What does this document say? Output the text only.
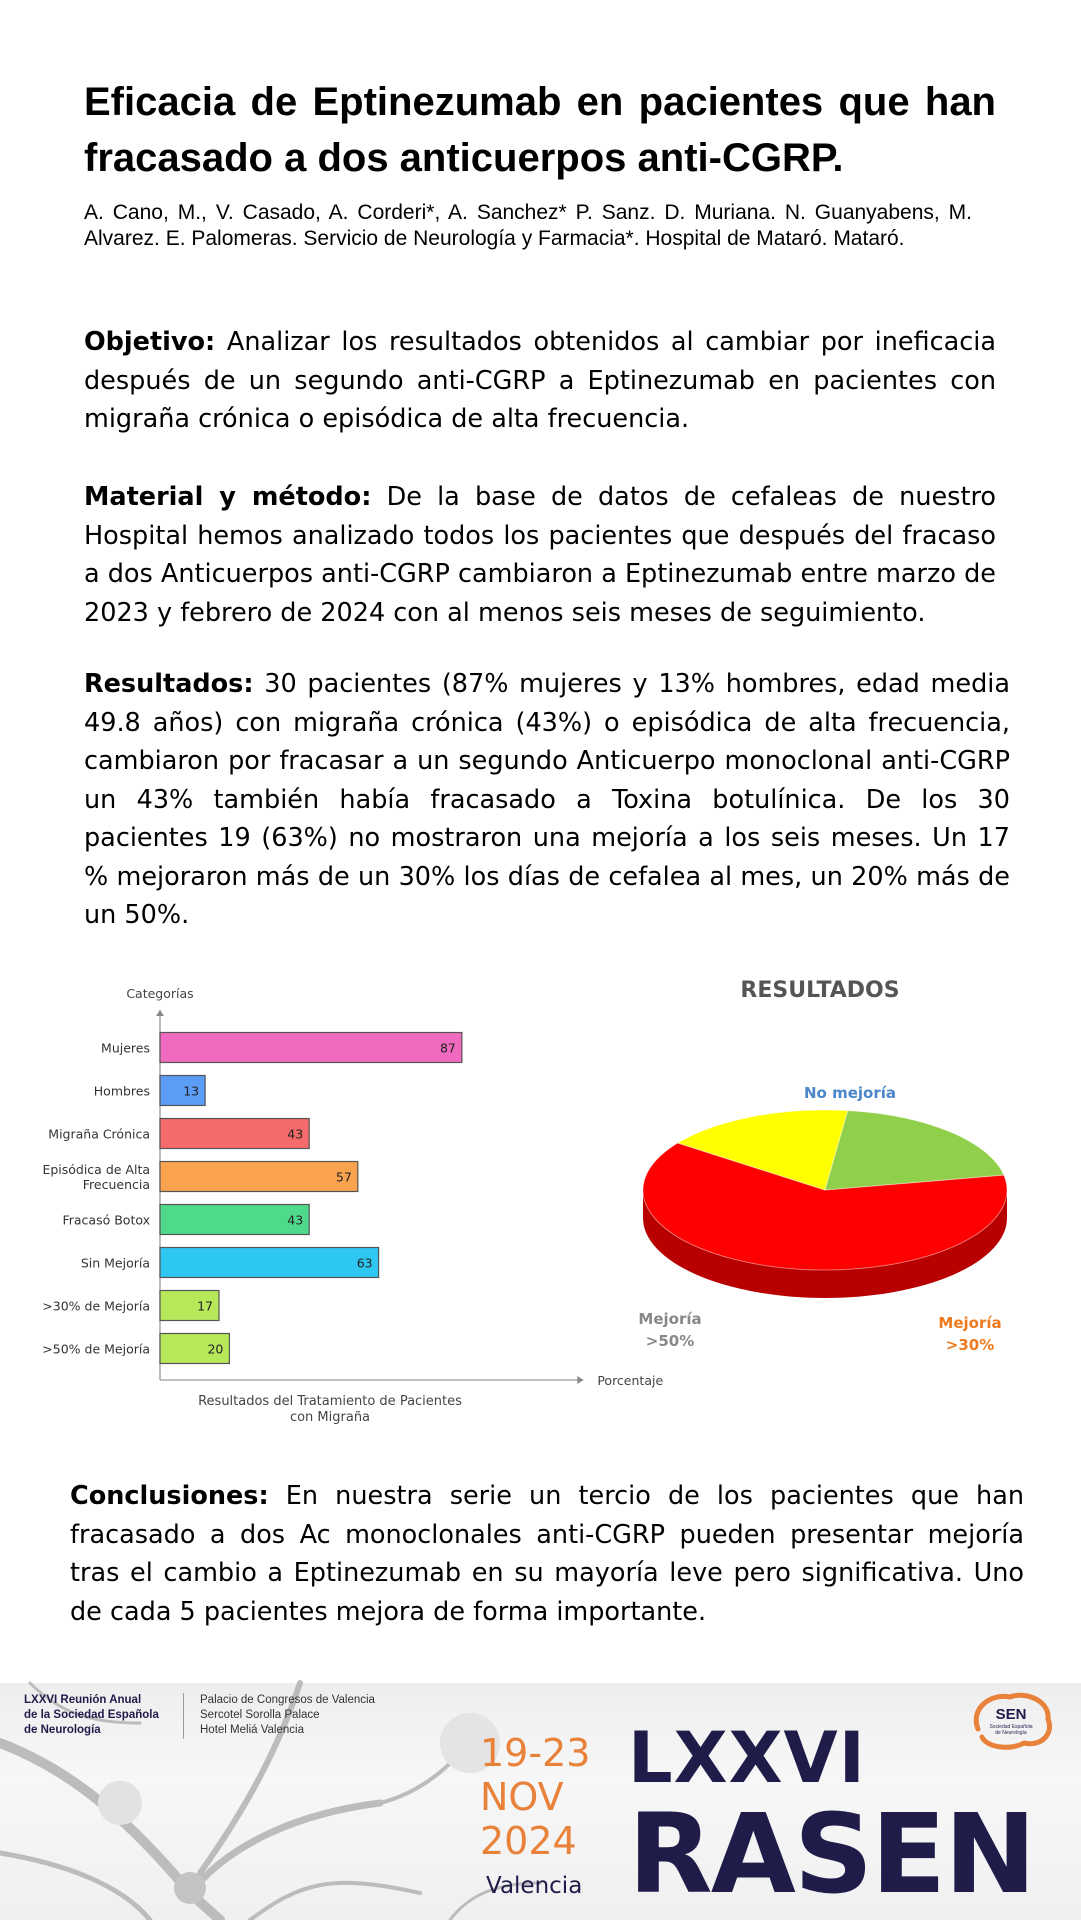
Eficacia de Eptinezumab en pacientes que han fracasado a dos anticuerpos anti-CGRP.

A. Cano, M., V. Casado, A. Corderi*, A. Sanchez* P. Sanz. D. Muriana. N. Guanyabens, M. Alvarez. E. Palomeras. Servicio de Neurología y Farmacia*. Hospital de Mataró. Mataró.

Objetivo: Analizar los resultados obtenidos al cambiar por ineficacia después de un segundo anti-CGRP a Eptinezumab en pacientes con migraña crónica o episódica de alta frecuencia.

Material y método: De la base de datos de cefaleas de nuestro Hospital hemos analizado todos los pacientes que después del fracaso a dos Anticuerpos anti-CGRP cambiaron a Eptinezumab entre marzo de 2023 y febrero de 2024 con al menos seis meses de seguimiento.

Resultados: 30 pacientes (87% mujeres y 13% hombres, edad media 49.8 años) con migraña crónica (43%) o episódica de alta frecuencia, cambiaron por fracasar a un segundo Anticuerpo monoclonal anti-CGRP un 43% también había fracasado a Toxina botulínica. De los 30 pacientes 19 (63%) no mostraron una mejoría a los seis meses. Un 17 % mejoraron más de un 30% los días de cefalea al mes, un 20% más de un 50%.

Categorías
Porcentaje
Resultados del Tratamiento de Pacientes
con Migraña
87
Mujeres
13
Hombres
43
Migraña Crónica
57
Episódica de Alta
Frecuencia
43
Fracasó Botox
63
Sin Mejoría
17
>30% de Mejoría
20
>50% de Mejoría
RESULTADOS
No mejoría
Mejoría
>30%
Mejoría
>50%

Conclusiones: En nuestra serie un tercio de los pacientes que han fracasado a dos Ac monoclonales anti-CGRP pueden presentar mejoría tras el cambio a Eptinezumab en su mayoría leve pero significativa. Uno de cada 5 pacientes mejora de forma importante.

LXXVI Reunión Anual
de la Sociedad Española
de Neurología
Palacio de Congresos de Valencia
Sercotel Sorolla Palace
Hotel Meliá Valencia
19-23
NOV
2024
Valencia
LXXVI
RASEN
SEN
Sociedad Española
de Neurología
